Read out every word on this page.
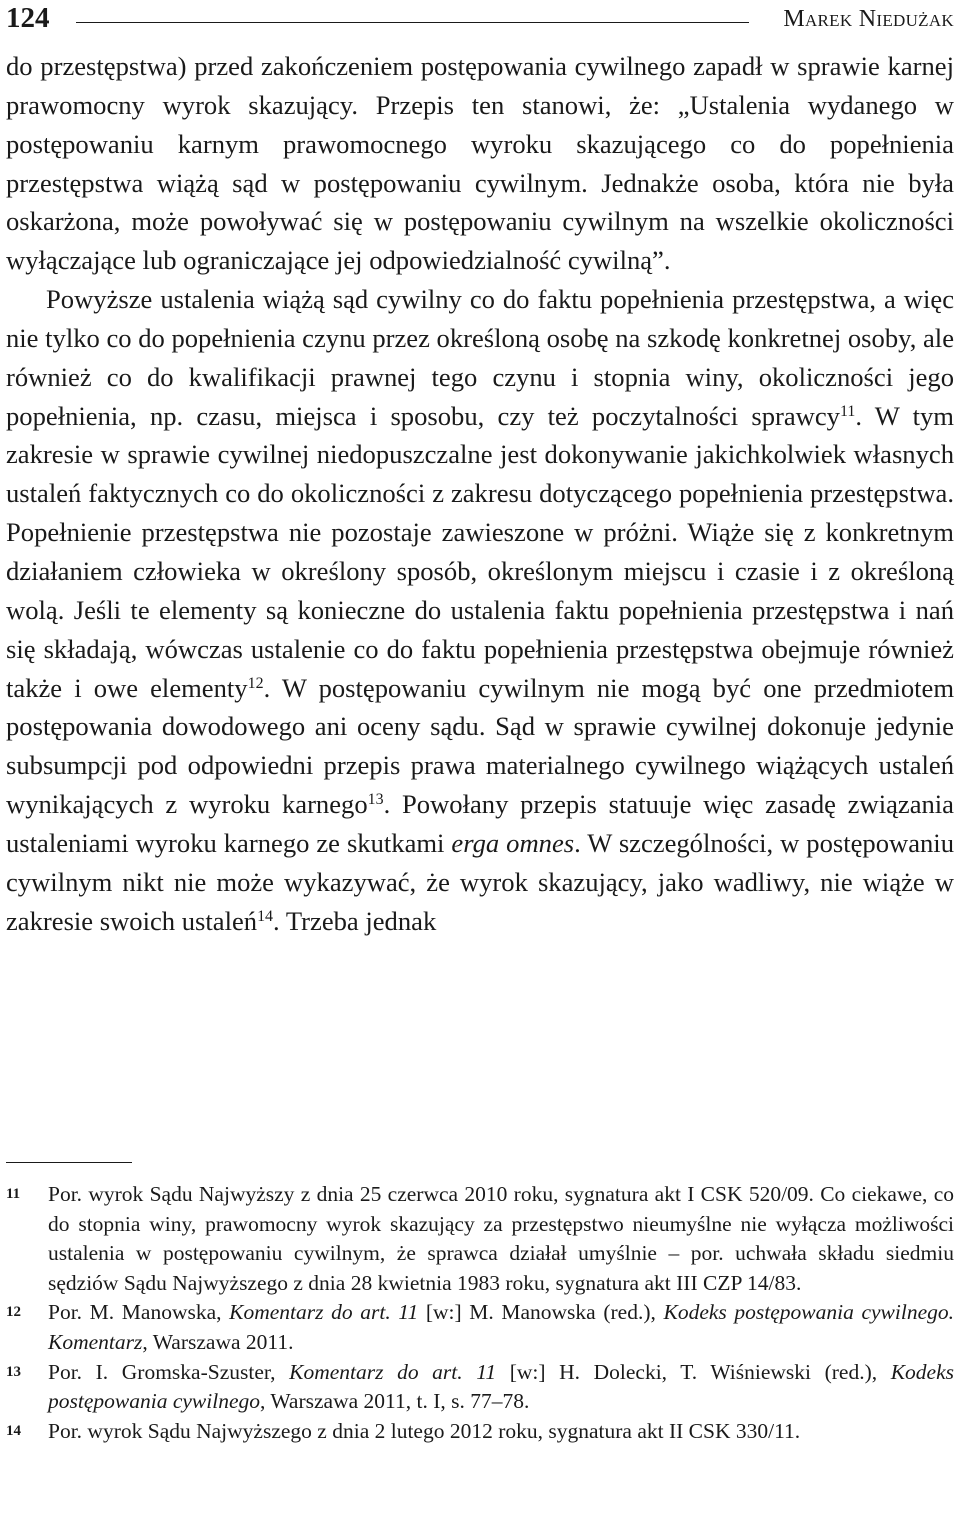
124	Marek Niedużak

do przestępstwa) przed zakończeniem postępowania cywilnego zapadł w sprawie karnej prawomocny wyrok skazujący. Przepis ten stanowi, że: „Ustalenia wydanego w postępowaniu karnym prawomocnego wyroku skazującego co do popełnienia przestępstwa wiążą sąd w postępowaniu cywilnym. Jednakże osoba, która nie była oskarżona, może powoływać się w postępowaniu cywilnym na wszelkie okoliczności wyłączające lub ograniczające jej odpowiedzialność cywilną”.

Powyższe ustalenia wiążą sąd cywilny co do faktu popełnienia przestępstwa, a więc nie tylko co do popełnienia czynu przez określoną osobę na szkodę konkretnej osoby, ale również co do kwalifikacji prawnej tego czynu i stopnia winy, okoliczności jego popełnienia, np. czasu, miejsca i sposobu, czy też poczytalności sprawcy$^{11}$. W tym zakresie w sprawie cywilnej niedopuszczalne jest dokonywanie jakichkolwiek własnych ustaleń faktycznych co do okoliczności z zakresu dotyczącego popełnienia przestępstwa. Popełnienie przestępstwa nie pozostaje zawieszone w próżni. Wiąże się z konkretnym działaniem człowieka w określony sposób, określonym miejscu i czasie i z określoną wolą. Jeśli te elementy są konieczne do ustalenia faktu popełnienia przestępstwa i nań się składają, wówczas ustalenie co do faktu popełnienia przestępstwa obejmuje również także i owe elementy$^{12}$. W postępowaniu cywilnym nie mogą być one przedmiotem postępowania dowodowego ani oceny sądu. Sąd w sprawie cywilnej dokonuje jedynie subsumpcji pod odpowiedni przepis prawa materialnego cywilnego wiążących ustaleń wynikających z wyroku karnego$^{13}$. Powołany przepis statuuje więc zasadę związania ustaleniami wyroku karnego ze skutkami erga omnes. W szczególności, w postępowaniu cywilnym nikt nie może wykazywać, że wyrok skazujący, jako wadliwy, nie wiąże w zakresie swoich ustaleń$^{14}$. Trzeba jednak

11 Por. wyrok Sądu Najwyższy z dnia 25 czerwca 2010 roku, sygnatura akt I CSK 520/09. Co ciekawe, co do stopnia winy, prawomocny wyrok skazujący za przestępstwo nieumyślne nie wyłącza możliwości ustalenia w postępowaniu cywilnym, że sprawca działał umyślnie – por. uchwała składu siedmiu sędziów Sądu Najwyższego z dnia 28 kwietnia 1983 roku, sygnatura akt III CZP 14/83.

12 Por. M. Manowska, Komentarz do art. 11 [w:] M. Manowska (red.), Kodeks postępowania cywilnego. Komentarz, Warszawa 2011.

13 Por. I. Gromska-Szuster, Komentarz do art. 11 [w:] H. Dolecki, T. Wiśniewski (red.), Kodeks postępowania cywilnego, Warszawa 2011, t. I, s. 77–78.

14 Por. wyrok Sądu Najwyższego z dnia 2 lutego 2012 roku, sygnatura akt II CSK 330/11.
